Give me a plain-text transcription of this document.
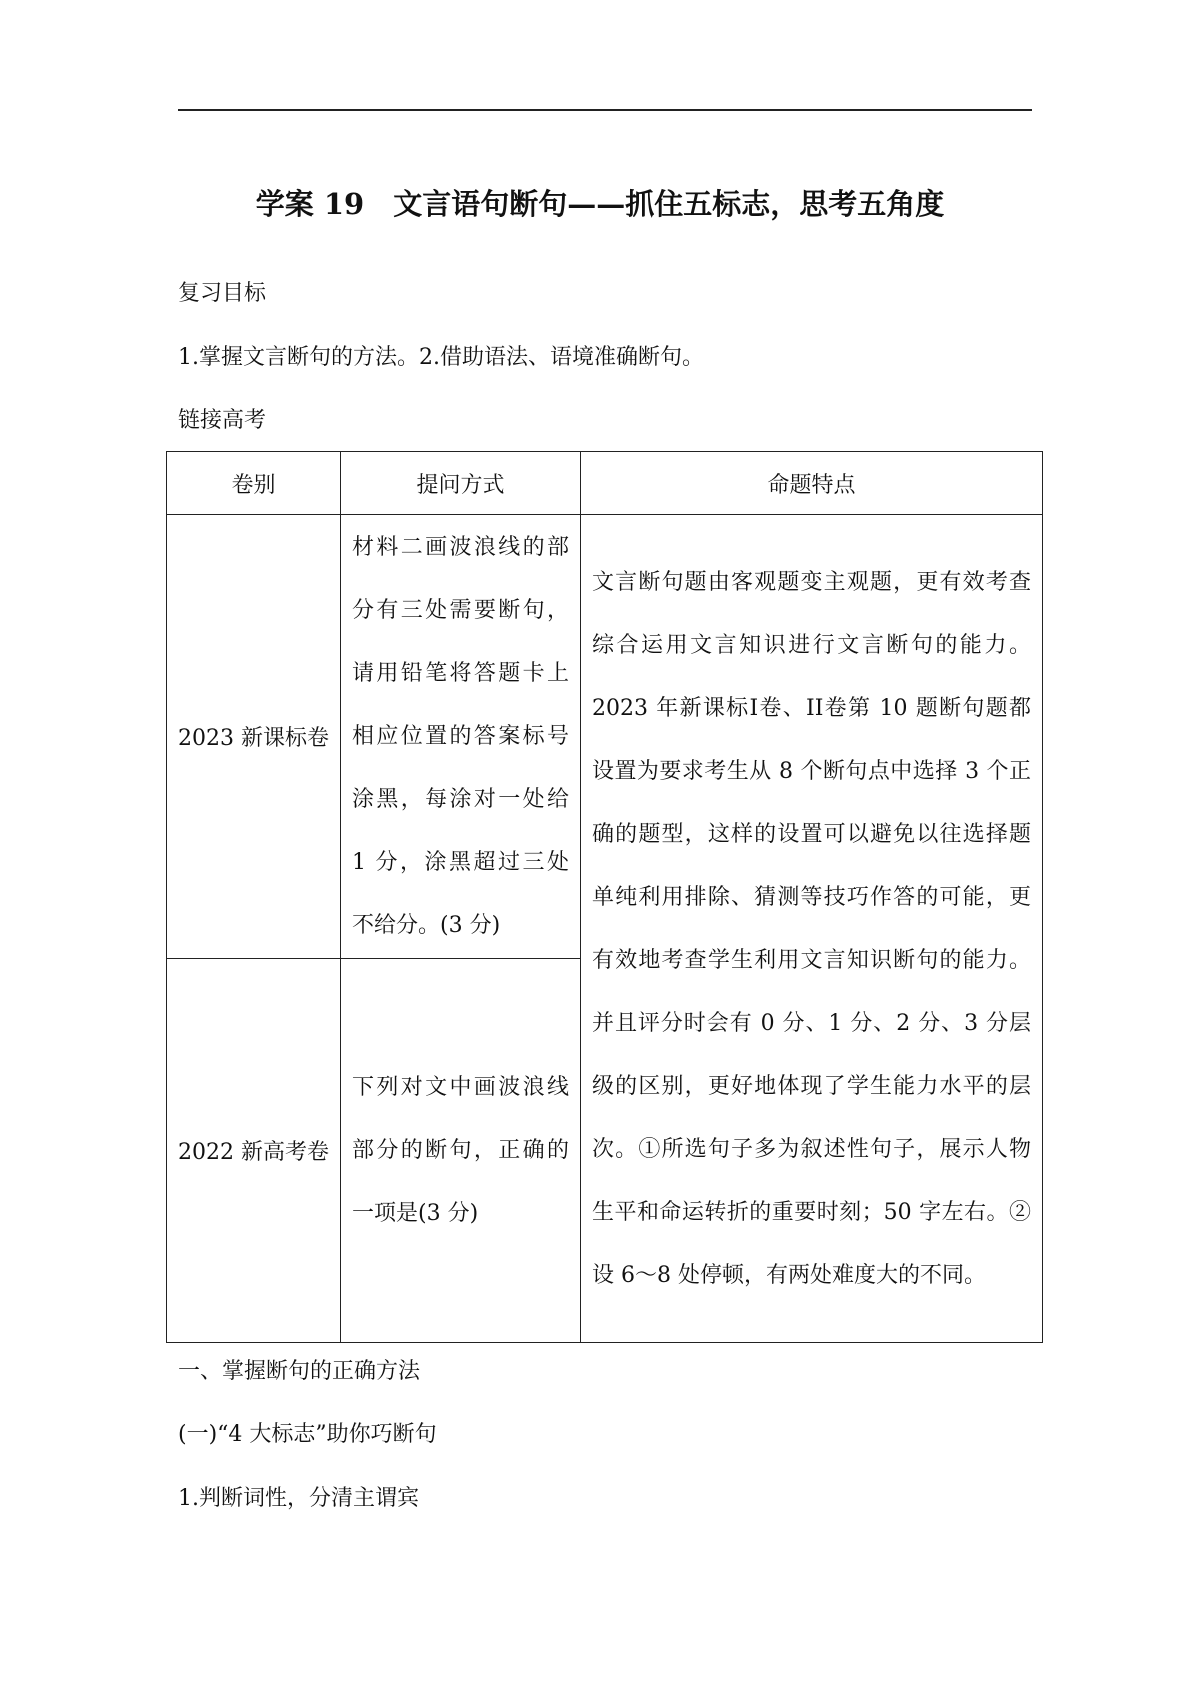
学案 19　文言语句断句——抓住五标志，思考五角度
复习目标
1.掌握文言断句的方法。2.借助语法、语境准确断句。
链接高考
卷别	提问方式	命题特点
2023 新课标卷	材料二画波浪线的部分有三处需要断句，请用铅笔将答题卡上相应位置的答案标号涂黑，每涂对一处给 1 分，涂黑超过三处不给分。(3 分)	文言断句题由客观题变主观题，更有效考查综合运用文言知识进行文言断句的能力。2023 年新课标I卷、II卷第 10 题断句题都设置为要求考生从 8 个断句点中选择 3 个正确的题型，这样的设置可以避免以往选择题单纯利用排除、猜测等技巧作答的可能，更有效地考查学生利用文言知识断句的能力。并且评分时会有 0 分、1 分、2 分、3 分层级的区别，更好地体现了学生能力水平的层次。①所选句子多为叙述性句子，展示人物生平和命运转折的重要时刻；50 字左右。②设 6～8 处停顿，有两处难度大的不同。
2022 新高考卷	下列对文中画波浪线部分的断句，正确的一项是(3 分)	
一、掌握断句的正确方法
(一)“4 大标志”助你巧断句
1.判断词性，分清主谓宾
